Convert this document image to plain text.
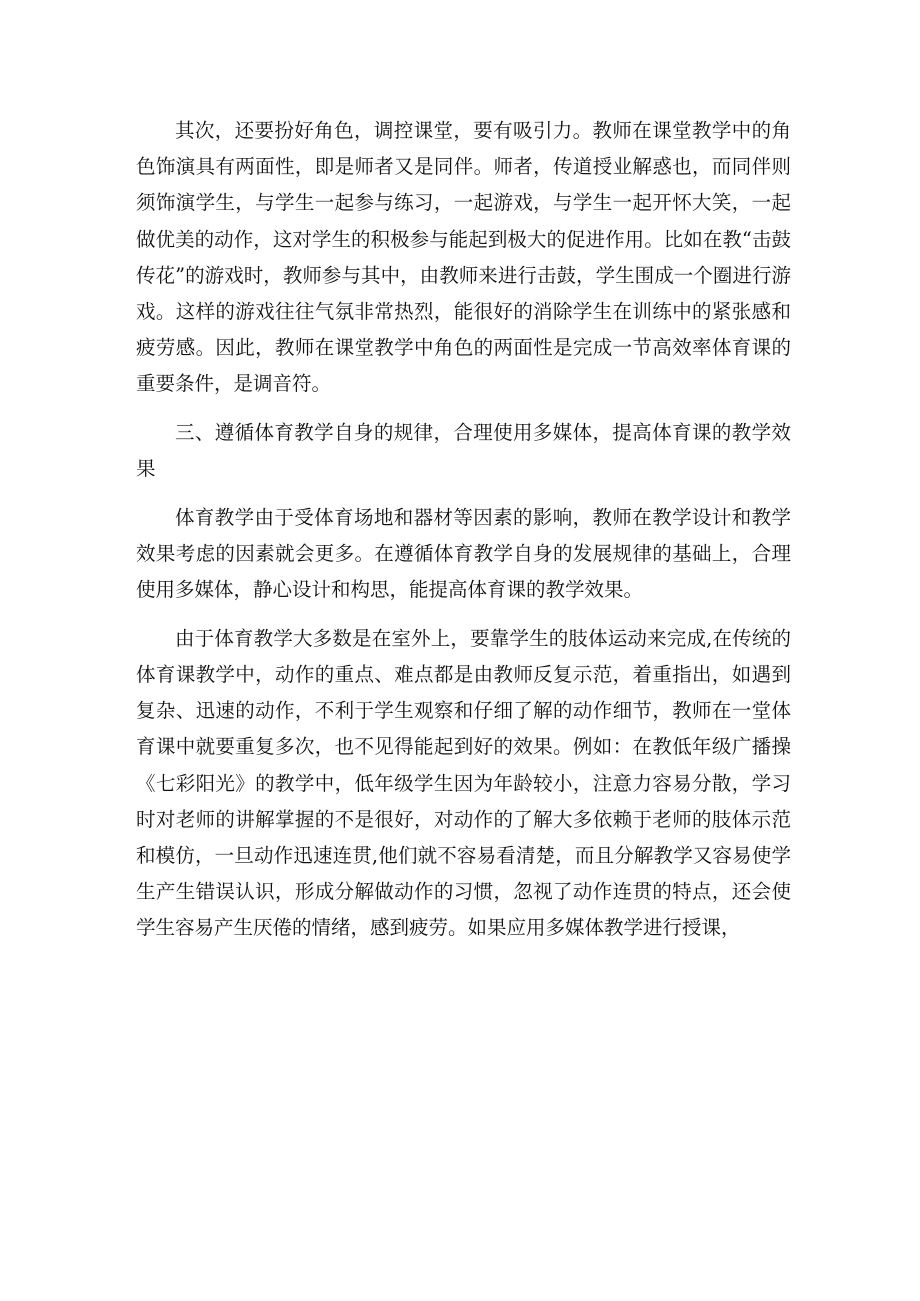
其次，还要扮好角色，调控课堂，要有吸引力。教师在课堂教学中的角色饰演具有两面性，即是师者又是同伴。师者，传道授业解惑也，而同伴则须饰演学生，与学生一起参与练习，一起游戏，与学生一起开怀大笑，一起做优美的动作，这对学生的积极参与能起到极大的促进作用。比如在教“击鼓传花”的游戏时，教师参与其中，由教师来进行击鼓，学生围成一个圈进行游戏。这样的游戏往往气氛非常热烈，能很好的消除学生在训练中的紧张感和疲劳感。因此，教师在课堂教学中角色的两面性是完成一节高效率体育课的重要条件，是调音符。

三、遵循体育教学自身的规律，合理使用多媒体，提高体育课的教学效果

体育教学由于受体育场地和器材等因素的影响，教师在教学设计和教学效果考虑的因素就会更多。在遵循体育教学自身的发展规律的基础上，合理使用多媒体，静心设计和构思，能提高体育课的教学效果。

由于体育教学大多数是在室外上，要靠学生的肢体运动来完成,在传统的体育课教学中，动作的重点、难点都是由教师反复示范，着重指出，如遇到复杂、迅速的动作，不利于学生观察和仔细了解的动作细节，教师在一堂体育课中就要重复多次，也不见得能起到好的效果。例如：在教低年级广播操《七彩阳光》的教学中，低年级学生因为年龄较小，注意力容易分散，学习时对老师的讲解掌握的不是很好，对动作的了解大多依赖于老师的肢体示范和模仿，一旦动作迅速连贯,他们就不容易看清楚，而且分解教学又容易使学生产生错误认识，形成分解做动作的习惯，忽视了动作连贯的特点，还会使学生容易产生厌倦的情绪，感到疲劳。如果应用多媒体教学进行授课，
